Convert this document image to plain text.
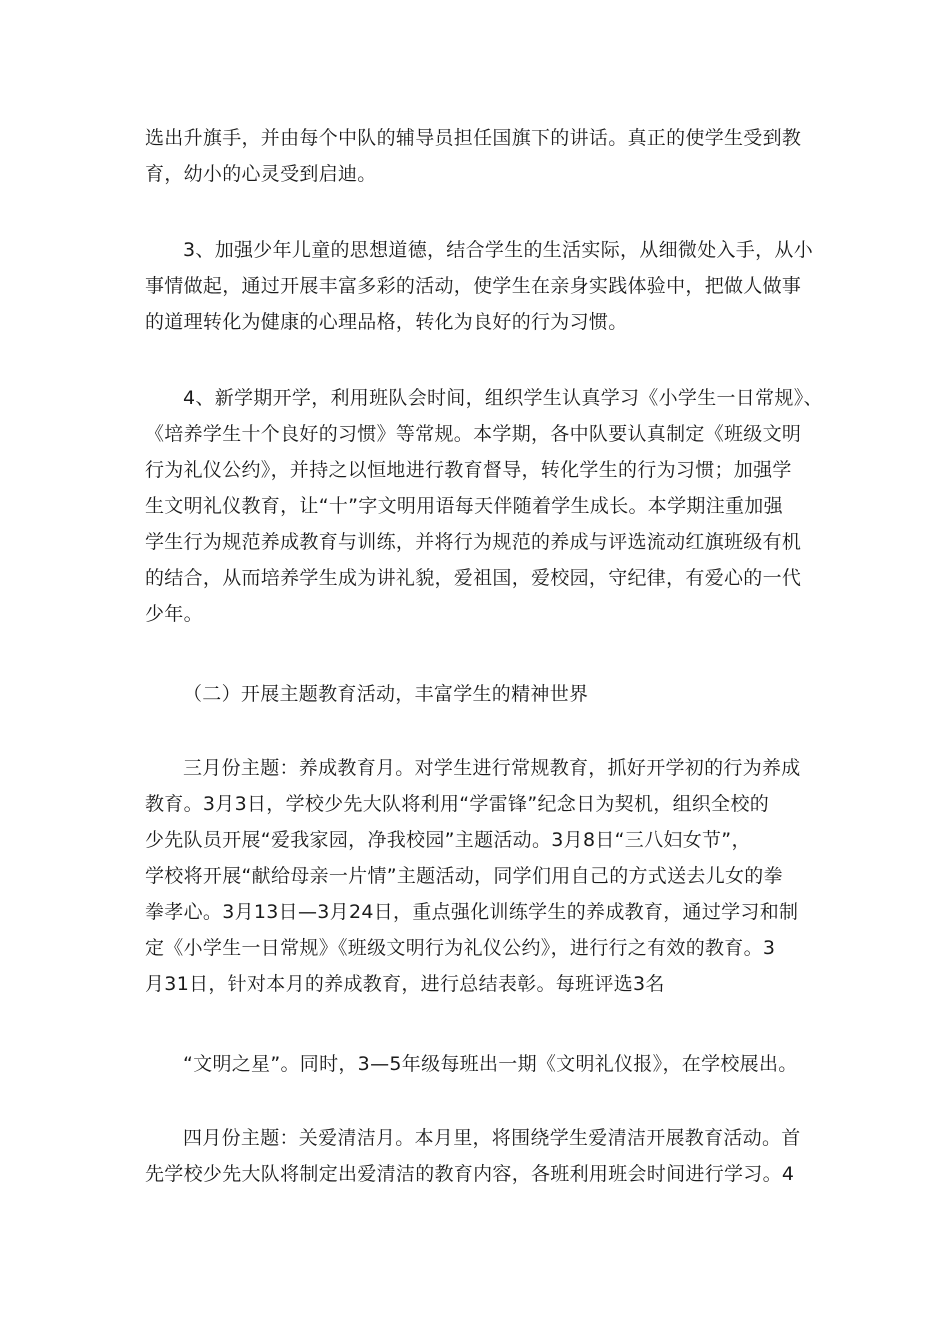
选出升旗手，并由每个中队的辅导员担任国旗下的讲话。真正的使学生受到教
育，幼小的心灵受到启迪。
3、加强少年儿童的思想道德，结合学生的生活实际，从细微处入手，从小
事情做起，通过开展丰富多彩的活动，使学生在亲身实践体验中，把做人做事
的道理转化为健康的心理品格，转化为良好的行为习惯。
4、新学期开学，利用班队会时间，组织学生认真学习《小学生一日常规》、
《培养学生十个良好的习惯》等常规。本学期，各中队要认真制定《班级文明
行为礼仪公约》，并持之以恒地进行教育督导，转化学生的行为习惯；加强学
生文明礼仪教育，让“十”字文明用语每天伴随着学生成长。本学期注重加强
学生行为规范养成教育与训练，并将行为规范的养成与评选流动红旗班级有机
的结合，从而培养学生成为讲礼貌，爱祖国，爱校园，守纪律，有爱心的一代
少年。
（二）开展主题教育活动，丰富学生的精神世界
三月份主题：养成教育月。对学生进行常规教育，抓好开学初的行为养成
教育。3月3日，学校少先大队将利用“学雷锋”纪念日为契机，组织全校的
少先队员开展“爱我家园，净我校园”主题活动。3月8日“三八妇女节”，
学校将开展“献给母亲一片情”主题活动，同学们用自己的方式送去儿女的拳
拳孝心。3月13日—3月24日，重点强化训练学生的养成教育，通过学习和制
定《小学生一日常规》《班级文明行为礼仪公约》，进行行之有效的教育。3
月31日，针对本月的养成教育，进行总结表彰。每班评选3名
“文明之星”。同时，3—5年级每班出一期《文明礼仪报》，在学校展出。
四月份主题：关爱清洁月。本月里，将围绕学生爱清洁开展教育活动。首
先学校少先大队将制定出爱清洁的教育内容，各班利用班会时间进行学习。4
